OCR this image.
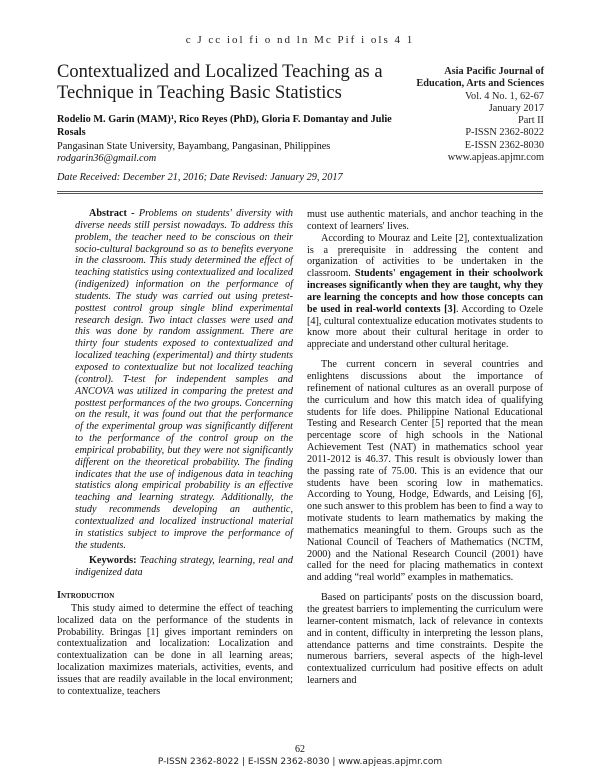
c J cc iol fi o nd ln Mc Pif i ols 4 1
Contextualized and Localized Teaching as a Technique in Teaching Basic Statistics
Asia Pacific Journal of
Education, Arts and Sciences
Vol. 4 No. 1, 62-67
January 2017
Part II
P-ISSN 2362-8022
E-ISSN 2362-8030
www.apjeas.apjmr.com
Rodelio M. Garin (MAM)¹, Rico Reyes (PhD), Gloria F. Domantay and Julie Rosals
Pangasinan State University, Bayambang, Pangasinan, Philippines
rodgarin36@gmail.com
Date Received: December 21, 2016; Date Revised: January 29, 2017

Abstract - Problems on students' diversity with diverse needs still persist nowadays. To address this problem, the teacher need to be conscious on their socio-cultural background so as to benefits everyone in the classroom. This study determined the effect of teaching statistics using contextualized and localized (indigenized) information on the performance of students. The study was carried out using pretest-posttest control group single blind experimental research design. Two intact classes were used and this was done by random assignment. There are thirty four students exposed to contextualized and localized teaching (experimental) and thirty students exposed to contextualize but not localized teaching (control). T-test for independent samples and ANCOVA was utilized in comparing the pretest and posttest performances of the two groups. Concerning on the result, it was found out that the performance of the experimental group was significantly different to the performance of the control group on the empirical probability, but they were not significantly different on the theoretical probability. The finding indicates that the use of indigenous data in teaching statistics along empirical probability is an effective teaching and learning strategy. Additionally, the study recommends developing an authentic, contextualized and localized instructional material in statistics subject to improve the performance of the students.

Keywords: Teaching strategy, learning, real and indigenized data

Introduction

This study aimed to determine the effect of teaching localized data on the performance of the students in Probability. Bringas [1] gives important reminders on contextualization and localization: Localization and contextualization can be done in all learning areas; localization maximizes materials, activities, events, and issues that are readily available in the local environment; to contextualize, teachers

must use authentic materials, and anchor teaching in the context of learners' lives.

According to Mouraz and Leite [2], contextualization is a prerequisite in addressing the content and organization of activities to be undertaken in the classroom. Students' engagement in their schoolwork increases significantly when they are taught, why they are learning the concepts and how those concepts can be used in real-world contexts [3]. According to Ozele [4], cultural contextualize education motivates students to know more about their cultural heritage in order to appreciate and understand other cultural heritage.

The current concern in several countries and enlightens discussions about the importance of refinement of national cultures as an overall purpose of the curriculum and how this match idea of qualifying students for life does. Philippine National Educational Testing and Research Center [5] reported that the mean percentage score of high schools in the National Achievement Test (NAT) in mathematics school year 2011-2012 is 46.37. This result is obviously lower than the passing rate of 75.00. This is an evidence that our students have been scoring low in mathematics. According to Young, Hodge, Edwards, and Leising [6], one such answer to this problem has been to find a way to motivate students to learn mathematics by making the mathematics meaningful to them. Groups such as the National Council of Teachers of Mathematics (NCTM, 2000) and the National Research Council (2001) have called for the need for placing mathematics in context and adding “real world” examples in mathematics.

Based on participants' posts on the discussion board, the greatest barriers to implementing the curriculum were learner-content mismatch, lack of relevance in contexts and in content, difficulty in interpreting the lesson plans, attendance patterns and time constraints. Despite the numerous barriers, several aspects of the high-level contextualized curriculum had positive effects on adult learners and

62
P-ISSN 2362-8022 | E-ISSN 2362-8030 | www.apjeas.apjmr.com
